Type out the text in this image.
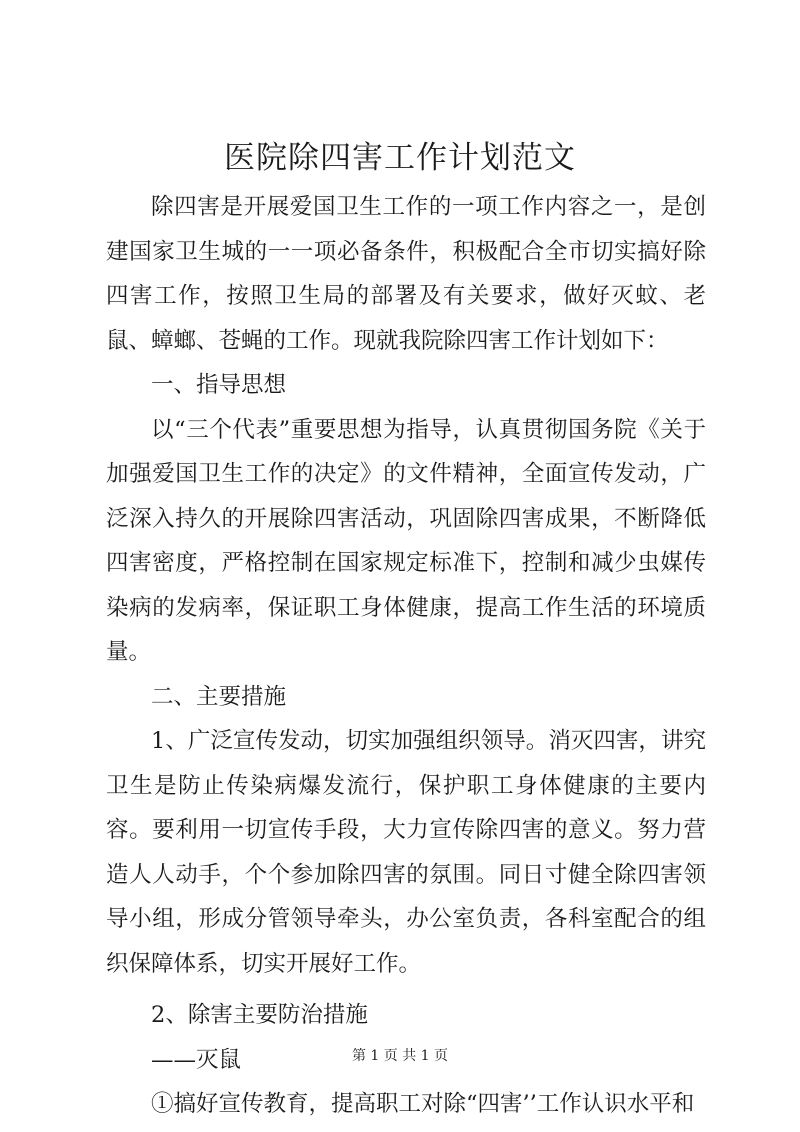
医院除四害工作计划范文

除四害是开展爱国卫生工作的一项工作内容之一，是创建国家卫生城的一一项必备条件，积极配合全市切实搞好除四害工作，按照卫生局的部署及有关要求，做好灭蚊、老鼠、蟑螂、苍蝇的工作。现就我院除四害工作计划如下：

一、指导思想

以“三个代表”重要思想为指导，认真贯彻国务院《关于加强爱国卫生工作的决定》的文件精神，全面宣传发动，广泛深入持久的开展除四害活动，巩固除四害成果，不断降低四害密度，严格控制在国家规定标准下，控制和减少虫媒传染病的发病率，保证职工身体健康，提高工作生活的环境质量。

二、主要措施

1、广泛宣传发动，切实加强组织领导。消灭四害，讲究卫生是防止传染病爆发流行，保护职工身体健康的主要内容。要利用一切宣传手段，大力宣传除四害的意义。努力营造人人动手，个个参加除四害的氛围。同日寸健全除四害领导小组，形成分管领导牵头，办公室负责，各科室配合的组织保障体系，切实开展好工作。

2、除害主要防治措施

——灭鼠

①搞好宣传教育，提高职工对除“四害’’工作认识水平和

第 1 页 共 1 页
